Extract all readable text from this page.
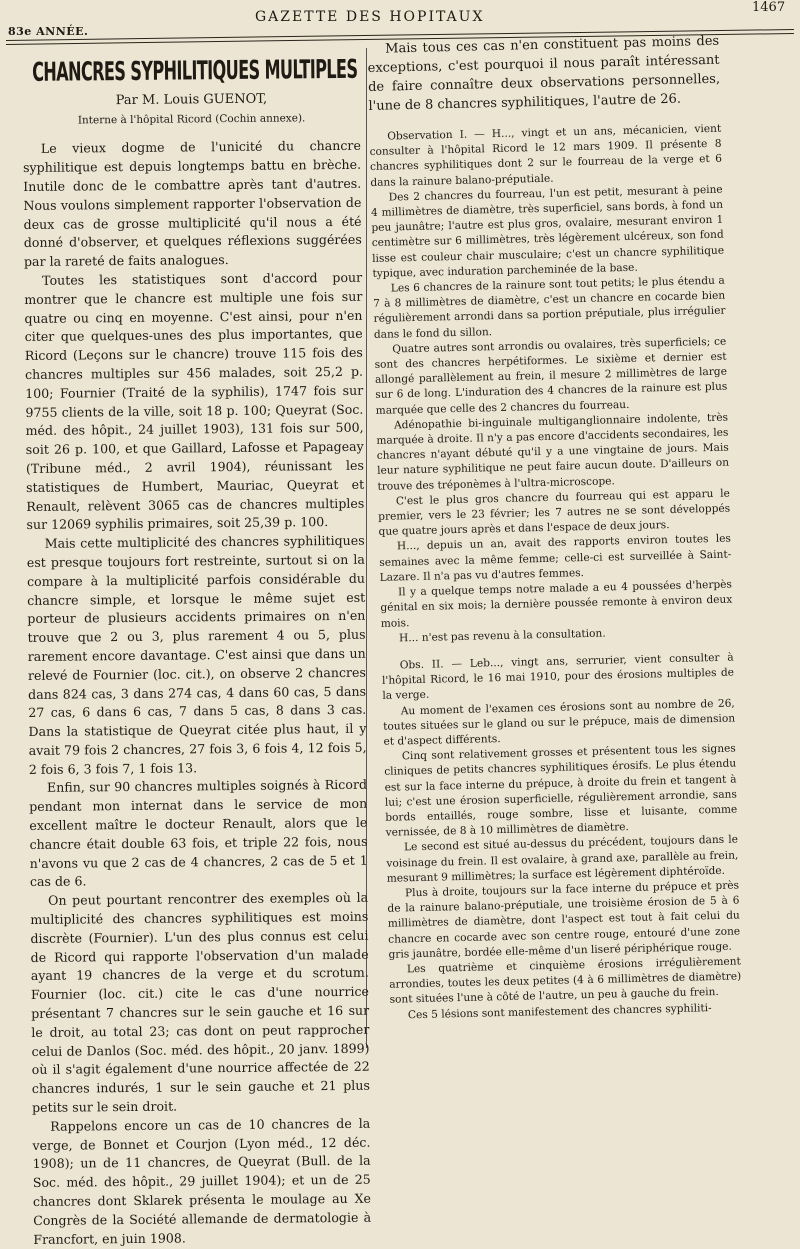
83e ANNÉE.
GAZETTE DES HOPITAUX
1467
CHANCRES SYPHILITIQUES MULTIPLES
Par M. Louis GUENOT,
Interne à l'hôpital Ricord (Cochin annexe).

Le vieux dogme de l'unicité du chancre syphilitique est depuis longtemps battu en brèche. Inutile donc de le combattre après tant d'autres. Nous voulons simplement rapporter l'observation de deux cas de grosse multiplicité qu'il nous a été donné d'observer, et quelques réflexions suggérées par la rareté de faits analogues.

Toutes les statistiques sont d'accord pour montrer que le chancre est multiple une fois sur quatre ou cinq en moyenne. C'est ainsi, pour n'en citer que quelques-unes des plus importantes, que Ricord (Leçons sur le chancre) trouve 115 fois des chancres multiples sur 456 malades, soit 25,2 p. 100; Fournier (Traité de la syphilis), 1747 fois sur 9755 clients de la ville, soit 18 p. 100; Queyrat (Soc. méd. des hôpit., 24 juillet 1903), 131 fois sur 500, soit 26 p. 100, et que Gaillard, Lafosse et Papageay (Tribune méd., 2 avril 1904), réunissant les statistiques de Humbert, Mauriac, Queyrat et Renault, relèvent 3065 cas de chancres multiples sur 12069 syphilis primaires, soit 25,39 p. 100.

Mais cette multiplicité des chancres syphilitiques est presque toujours fort restreinte, surtout si on la compare à la multiplicité parfois considérable du chancre simple, et lorsque le même sujet est porteur de plusieurs accidents primaires on n'en trouve que 2 ou 3, plus rarement 4 ou 5, plus rarement encore davantage. C'est ainsi que dans un relevé de Fournier (loc. cit.), on observe 2 chancres dans 824 cas, 3 dans 274 cas, 4 dans 60 cas, 5 dans 27 cas, 6 dans 6 cas, 7 dans 5 cas, 8 dans 3 cas. Dans la statistique de Queyrat citée plus haut, il y avait 79 fois 2 chancres, 27 fois 3, 6 fois 4, 12 fois 5, 2 fois 6, 3 fois 7, 1 fois 13.

Enfin, sur 90 chancres multiples soignés à Ricord pendant mon internat dans le service de mon excellent maître le docteur Renault, alors que le chancre était double 63 fois, et triple 22 fois, nous n'avons vu que 2 cas de 4 chancres, 2 cas de 5 et 1 cas de 6.

On peut pourtant rencontrer des exemples où la multiplicité des chancres syphilitiques est moins discrète (Fournier). L'un des plus connus est celui de Ricord qui rapporte l'observation d'un malade ayant 19 chancres de la verge et du scrotum. Fournier (loc. cit.) cite le cas d'une nourrice présentant 7 chancres sur le sein gauche et 16 sur le droit, au total 23; cas dont on peut rapprocher celui de Danlos (Soc. méd. des hôpit., 20 janv. 1899) où il s'agit également d'une nourrice affectée de 22 chancres indurés, 1 sur le sein gauche et 21 plus petits sur le sein droit.

Rappelons encore un cas de 10 chancres de la verge, de Bonnet et Courjon (Lyon méd., 12 déc. 1908); un de 11 chancres, de Queyrat (Bull. de la Soc. méd. des hôpit., 29 juillet 1904); et un de 25 chancres dont Sklarek présenta le moulage au Xe Congrès de la Société allemande de dermatologie à Francfort, en juin 1908.

Mais tous ces cas n'en constituent pas moins des exceptions, c'est pourquoi il nous paraît intéressant de faire connaître deux observations personnelles, l'une de 8 chancres syphilitiques, l'autre de 26.

Observation I. — H..., vingt et un ans, mécanicien, vient consulter à l'hôpital Ricord le 12 mars 1909. Il présente 8 chancres syphilitiques dont 2 sur le fourreau de la verge et 6 dans la rainure balano-préputiale.

Des 2 chancres du fourreau, l'un est petit, mesurant à peine 4 millimètres de diamètre, très superficiel, sans bords, à fond un peu jaunâtre; l'autre est plus gros, ovalaire, mesurant environ 1 centimètre sur 6 millimètres, très légèrement ulcéreux, son fond lisse est couleur chair musculaire; c'est un chancre syphilitique typique, avec induration parcheminée de la base.

Les 6 chancres de la rainure sont tout petits; le plus étendu a 7 à 8 millimètres de diamètre, c'est un chancre en cocarde bien régulièrement arrondi dans sa portion préputiale, plus irrégulier dans le fond du sillon.

Quatre autres sont arrondis ou ovalaires, très superficiels; ce sont des chancres herpétiformes. Le sixième et dernier est allongé parallèlement au frein, il mesure 2 millimètres de large sur 6 de long. L'induration des 4 chancres de la rainure est plus marquée que celle des 2 chancres du fourreau.

Adénopathie bi-inguinale multiganglionnaire indolente, très marquée à droite. Il n'y a pas encore d'accidents secondaires, les chancres n'ayant débuté qu'il y a une vingtaine de jours. Mais leur nature syphilitique ne peut faire aucun doute. D'ailleurs on trouve des tréponèmes à l'ultra-microscope.

C'est le plus gros chancre du fourreau qui est apparu le premier, vers le 23 février; les 7 autres ne se sont développés que quatre jours après et dans l'espace de deux jours.

H..., depuis un an, avait des rapports environ toutes les semaines avec la même femme; celle-ci est surveillée à Saint-Lazare. Il n'a pas vu d'autres femmes.

Il y a quelque temps notre malade a eu 4 poussées d'herpès génital en six mois; la dernière poussée remonte à environ deux mois.

H... n'est pas revenu à la consultation.

Obs. II. — Leb..., vingt ans, serrurier, vient consulter à l'hôpital Ricord, le 16 mai 1910, pour des érosions multiples de la verge.

Au moment de l'examen ces érosions sont au nombre de 26, toutes situées sur le gland ou sur le prépuce, mais de dimension et d'aspect différents.

Cinq sont relativement grosses et présentent tous les signes cliniques de petits chancres syphilitiques érosifs. Le plus étendu est sur la face interne du prépuce, à droite du frein et tangent à lui; c'est une érosion superficielle, régulièrement arrondie, sans bords entaillés, rouge sombre, lisse et luisante, comme vernissée, de 8 à 10 millimètres de diamètre.

Le second est situé au-dessus du précédent, toujours dans le voisinage du frein. Il est ovalaire, à grand axe, parallèle au frein, mesurant 9 millimètres; la surface est légèrement diphtéroïde.

Plus à droite, toujours sur la face interne du prépuce et près de la rainure balano-préputiale, une troisième érosion de 5 à 6 millimètres de diamètre, dont l'aspect est tout à fait celui du chancre en cocarde avec son centre rouge, entouré d'une zone gris jaunâtre, bordée elle-même d'un liseré périphérique rouge.

Les quatrième et cinquième érosions irrégulièrement arrondies, toutes les deux petites (4 à 6 millimètres de diamètre) sont situées l'une à côté de l'autre, un peu à gauche du frein.

Ces 5 lésions sont manifestement des chancres syphiliti-
